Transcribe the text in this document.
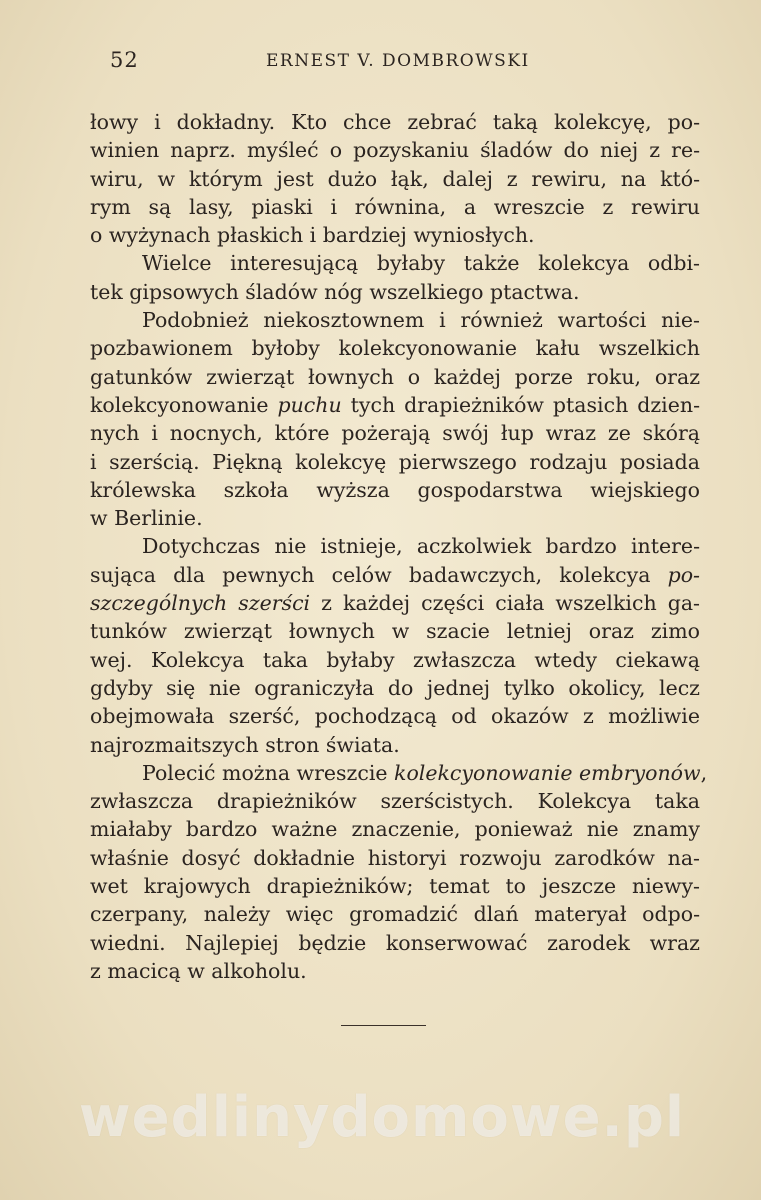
52	ERNEST V. DOMBROWSKI
łowy i dokładny. Kto chce zebrać taką kolekcyę, po-
winien naprz. myśleć o pozyskaniu śladów do niej z re-
wiru, w którym jest dużo łąk, dalej z rewiru, na któ-
rym są lasy, piaski i równina, a wreszcie z rewiru
o wyżynach płaskich i bardziej wyniosłych.
Wielce interesującą byłaby także kolekcya odbi-
tek gipsowych śladów nóg wszelkiego ptactwa.
Podobnież niekosztownem i również wartości nie-
pozbawionem byłoby kolekcyonowanie kału wszelkich
gatunków zwierząt łownych o każdej porze roku, oraz
kolekcyonowanie puchu tych drapieżników ptasich dzien-
nych i nocnych, które pożerają swój łup wraz ze skórą
i szerścią. Piękną kolekcyę pierwszego rodzaju posiada
królewska szkoła wyższa gospodarstwa wiejskiego
w Berlinie.
Dotychczas nie istnieje, aczkolwiek bardzo intere-
sująca dla pewnych celów badawczych, kolekcya po-
szczególnych szerści z każdej części ciała wszelkich ga-
tunków zwierząt łownych w szacie letniej oraz zimo
wej. Kolekcya taka byłaby zwłaszcza wtedy ciekawą
gdyby się nie ograniczyła do jednej tylko okolicy, lecz
obejmowała szerść, pochodzącą od okazów z możliwie
najrozmaitszych stron świata.
Polecić można wreszcie kolekcyonowanie embryonów,
zwłaszcza drapieżników szerścistych. Kolekcya taka
miałaby bardzo ważne znaczenie, ponieważ nie znamy
właśnie dosyć dokładnie historyi rozwoju zarodków na-
wet krajowych drapieżników; temat to jeszcze niewy-
czerpany, należy więc gromadzić dlań materyał odpo-
wiedni. Najlepiej będzie konserwować zarodek wraz
z macicą w alkoholu.
wedlinydomowe.pl
